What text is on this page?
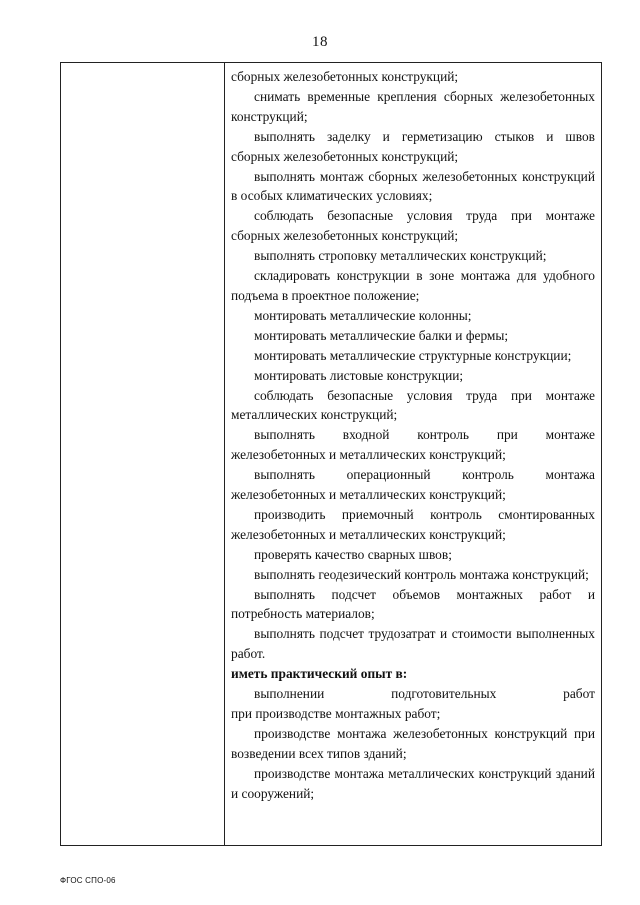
18

сборных железобетонных конструкций;

снимать временные крепления сборных железобетонных конструкций;

выполнять заделку и герметизацию стыков и швов сборных железобетонных конструкций;

выполнять монтаж сборных железобетонных конструкций в особых климатических условиях;

соблюдать безопасные условия труда при монтаже сборных железобетонных конструкций;

выполнять строповку металлических конструкций;

складировать конструкции в зоне монтажа для удобного подъема в проектное положение;

монтировать металлические колонны;

монтировать металлические балки и фермы;

монтировать металлические структурные конструкции;

монтировать листовые конструкции;

соблюдать безопасные условия труда при монтаже металлических конструкций;

выполнять входной контроль при монтаже железобетонных и металлических конструкций;

выполнять операционный контроль монтажа железобетонных и металлических конструкций;

производить приемочный контроль смонтированных железобетонных и металлических конструкций;

проверять качество сварных швов;

выполнять геодезический контроль монтажа конструкций;

выполнять подсчет объемов монтажных работ и потребность материалов;

выполнять подсчет трудозатрат и стоимости выполненных работ.

иметь практический опыт в:

выполнении подготовительных работ

при производстве монтажных работ;

производстве монтажа железобетонных конструкций при возведении всех типов зданий;

производстве монтажа металлических конструкций зданий и сооружений;

ФГОС СПО-06
